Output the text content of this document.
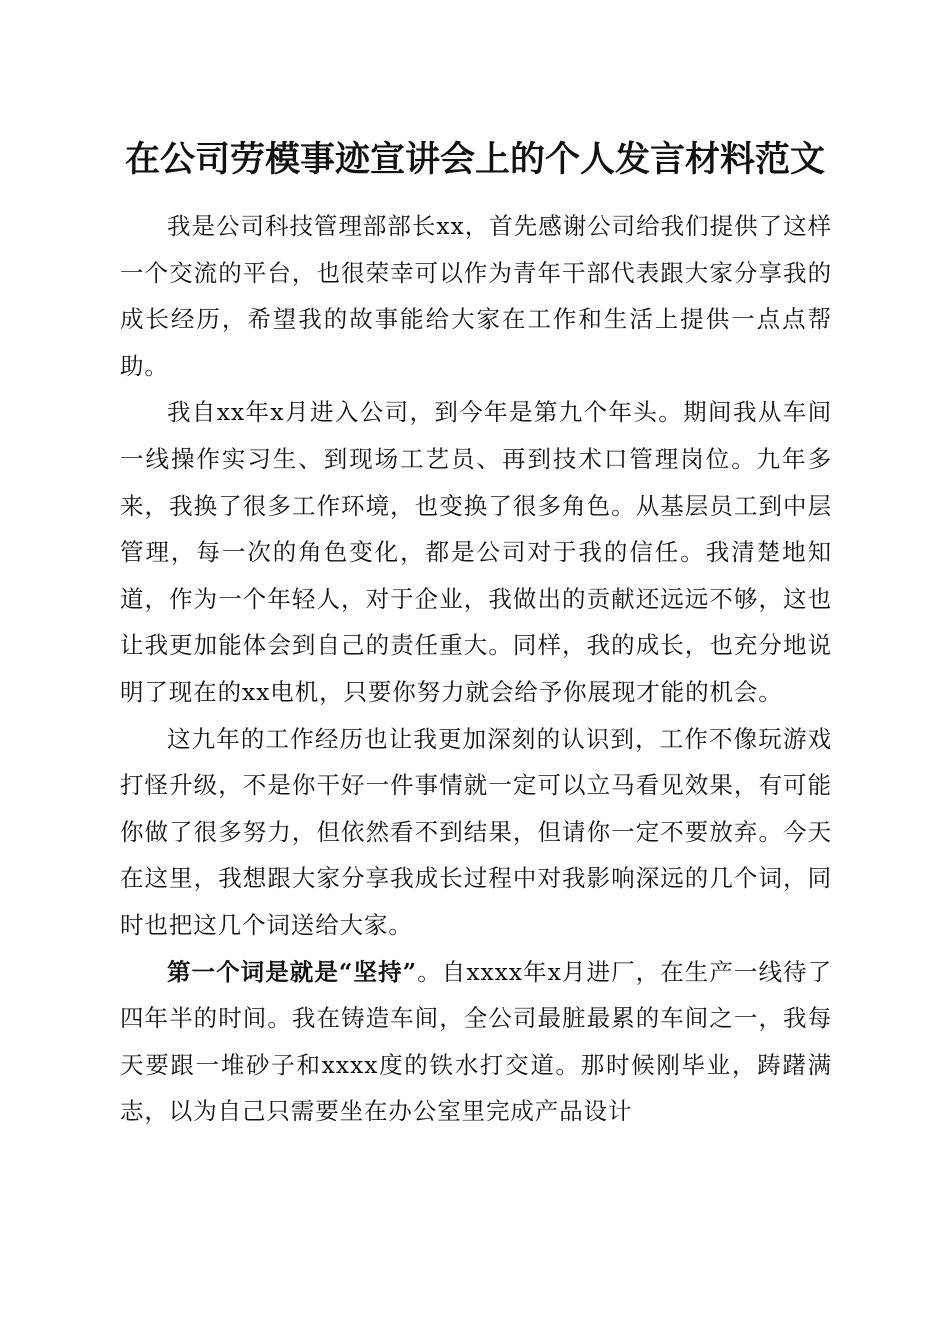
在公司劳模事迹宣讲会上的个人发言材料范文

我是公司科技管理部部长xx，首先感谢公司给我们提供了这样一个交流的平台，也很荣幸可以作为青年干部代表跟大家分享我的成长经历，希望我的故事能给大家在工作和生活上提供一点点帮助。

我自xx年x月进入公司，到今年是第九个年头。期间我从车间一线操作实习生、到现场工艺员、再到技术口管理岗位。九年多来，我换了很多工作环境，也变换了很多角色。从基层员工到中层管理，每一次的角色变化，都是公司对于我的信任。我清楚地知道，作为一个年轻人，对于企业，我做出的贡献还远远不够，这也让我更加能体会到自己的责任重大。同样，我的成长，也充分地说明了现在的xx电机，只要你努力就会给予你展现才能的机会。

这九年的工作经历也让我更加深刻的认识到，工作不像玩游戏打怪升级，不是你干好一件事情就一定可以立马看见效果，有可能你做了很多努力，但依然看不到结果，但请你一定不要放弃。今天在这里，我想跟大家分享我成长过程中对我影响深远的几个词，同时也把这几个词送给大家。

第一个词是就是“坚持”。自xxxx年x月进厂，在生产一线待了四年半的时间。我在铸造车间，全公司最脏最累的车间之一，我每天要跟一堆砂子和xxxx度的铁水打交道。那时候刚毕业，踌躇满志，以为自己只需要坐在办公室里完成产品设计
